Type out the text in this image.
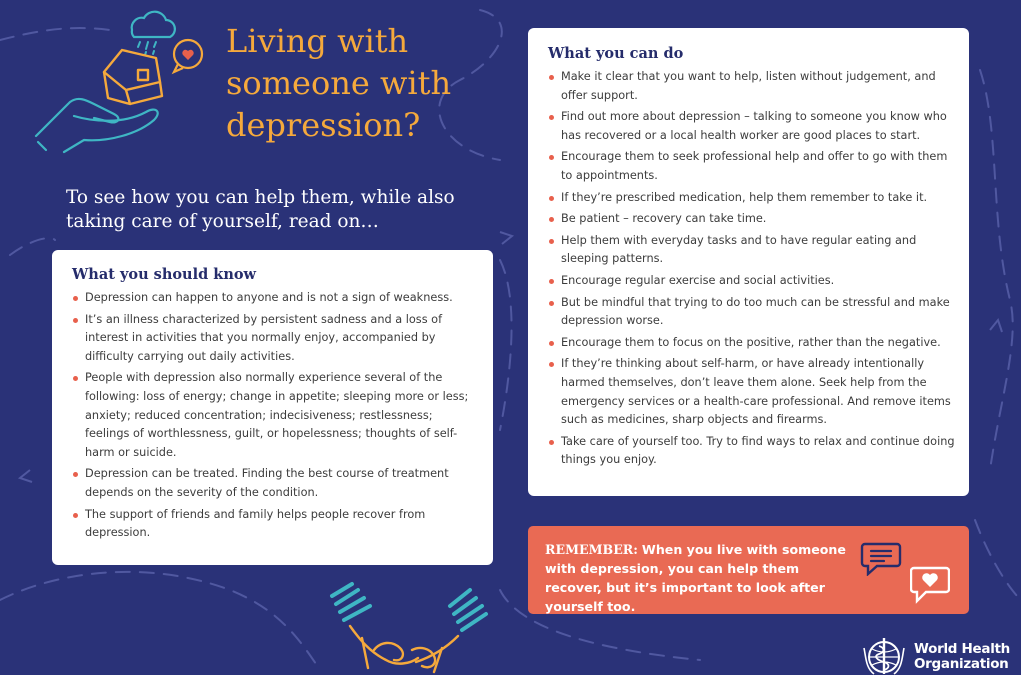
Living with someone with depression?

To see how you can help them, while also taking care of yourself, read on…

What you should know
Depression can happen to anyone and is not a sign of weakness.
It’s an illness characterized by persistent sadness and a loss of interest in activities that you normally enjoy, accompanied by difficulty carrying out daily activities.
People with depression also normally experience several of the following: loss of energy; change in appetite; sleeping more or less; anxiety; reduced concentration; indecisiveness; restlessness; feelings of worthlessness, guilt, or hopelessness; thoughts of self-harm or suicide.
Depression can be treated. Finding the best course of treatment depends on the severity of the condition.
The support of friends and family helps people recover from depression.
What you can do
Make it clear that you want to help, listen without judgement, and offer support.
Find out more about depression – talking to someone you know who has recovered or a local health worker are good places to start.
Encourage them to seek professional help and offer to go with them to appointments.
If they’re prescribed medication, help them remember to take it.
Be patient – recovery can take time.
Help them with everyday tasks and to have regular eating and sleeping patterns.
Encourage regular exercise and social activities.
But be mindful that trying to do too much can be stressful and make depression worse.
Encourage them to focus on the positive, rather than the negative.
If they’re thinking about self-harm, or have already intentionally harmed themselves, don’t leave them alone. Seek help from the emergency services or a health-care professional. And remove items such as medicines, sharp objects and firearms.
Take care of yourself too. Try to find ways to relax and continue doing things you enjoy.
REMEMBER: When you live with someone with depression, you can help them recover, but it’s important to look after yourself too.
World Health
Organization
